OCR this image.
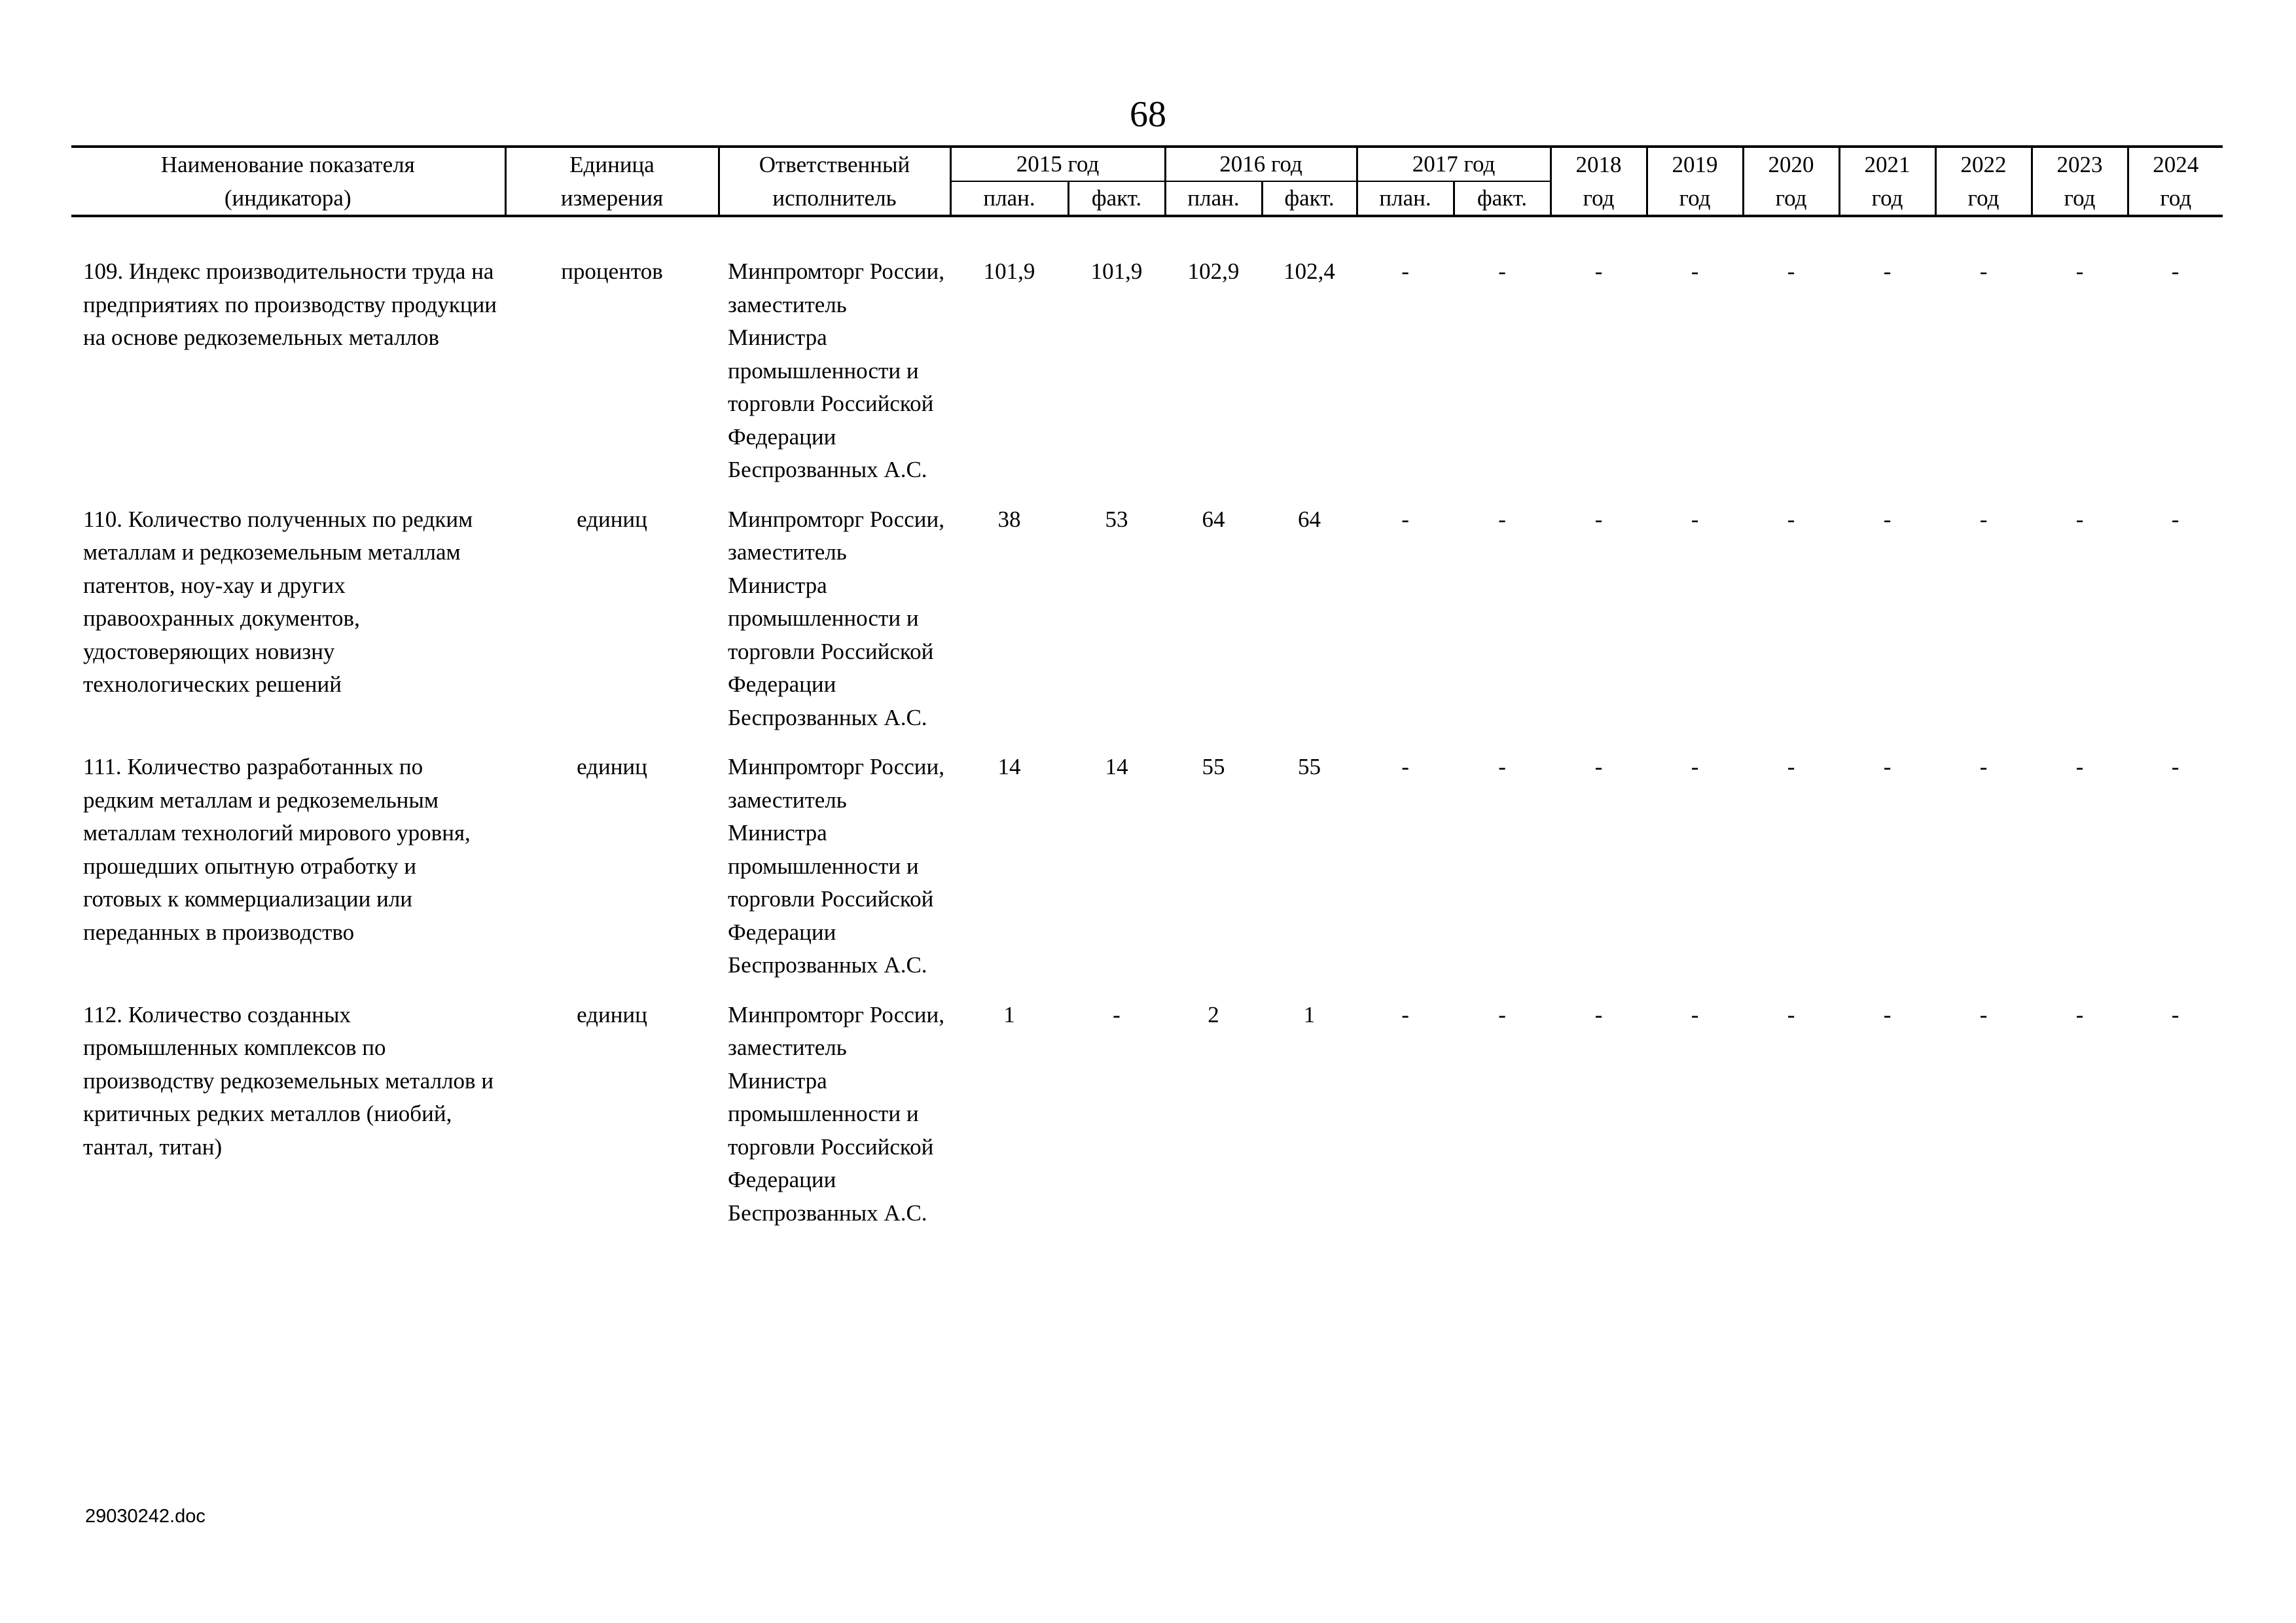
68
Наименование показателя	Единица	Ответственный	2015 год		2016 год		2017 год		2018	2019	2020	2021	2022	2023	2024
(индикатора)	измерения	исполнитель	план.	факт.	план.	факт.	план.	факт.	год	год	год	год	год	год	год

109. Индекс производительности труда на предприятиях по производству продукции на основе редкоземельных металлов	процентов	Минпромторг России, заместитель Министра промышленности и торговли Российской Федерации Беспрозванных А.С.	101,9	101,9	102,9	102,4	-	-	-	-	-	-	-	-	-
110. Количество полученных по редким металлам и редкоземельным металлам патентов, ноу-хау и других правоохранных документов, удостоверяющих новизну технологических решений	единиц	Минпромторг России, заместитель Министра промышленности и торговли Российской Федерации Беспрозванных А.С.	38	53	64	64	-	-	-	-	-	-	-	-	-
111. Количество разработанных по редким металлам и редкоземельным металлам технологий мирового уровня, прошедших опытную отработку и готовых к коммерциализации или переданных в производство	единиц	Минпромторг России, заместитель Министра промышленности и торговли Российской Федерации Беспрозванных А.С.	14	14	55	55	-	-	-	-	-	-	-	-	-
112. Количество созданных промышленных комплексов по производству редкоземельных металлов и критичных редких металлов (ниобий, тантал, титан)	единиц	Минпромторг России, заместитель Министра промышленности и торговли Российской Федерации Беспрозванных А.С.	1	-	2	1	-	-	-	-	-	-	-	-	-
29030242.doc
